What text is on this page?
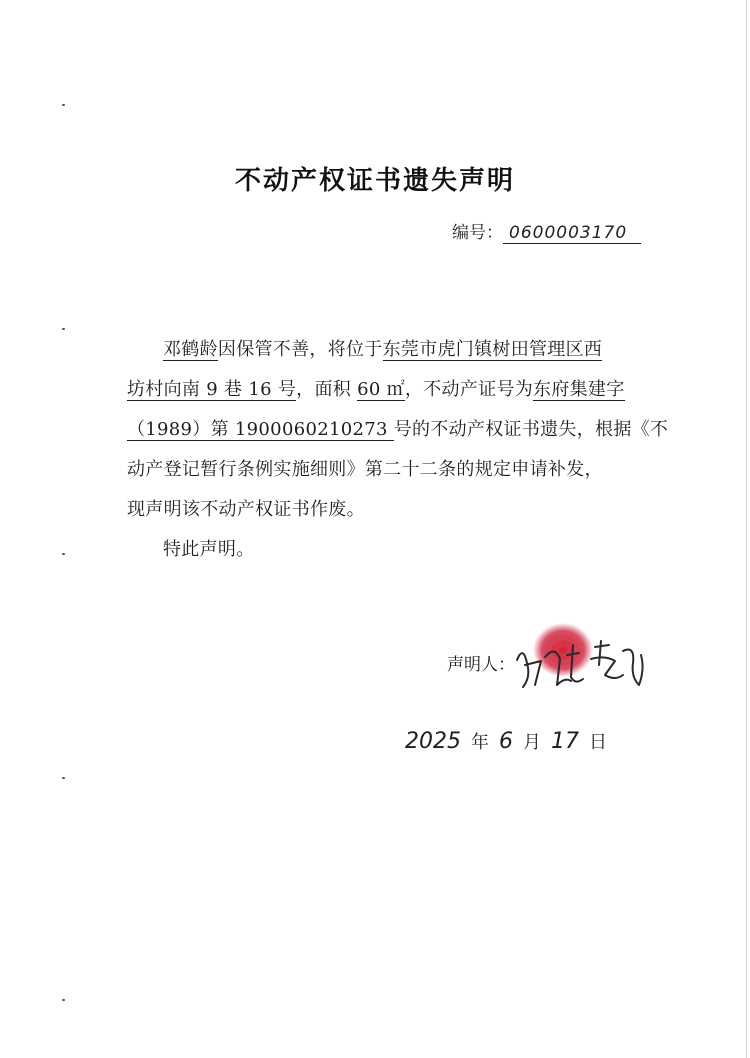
不动产权证书遗失声明
编号： 0600003170
邓鹤龄因保管不善，将位于东莞市虎门镇树田管理区西
坊村向南 9 巷 16 号，面积 60 ㎡，不动产证号为东府集建字
（1989）第 1900060210273 号的不动产权证书遗失，根据《不
动产登记暂行条例实施细则》第二十二条的规定申请补发，
现声明该不动产权证书作废。
特此声明。
声明人：
2025 年 6 月 17 日
